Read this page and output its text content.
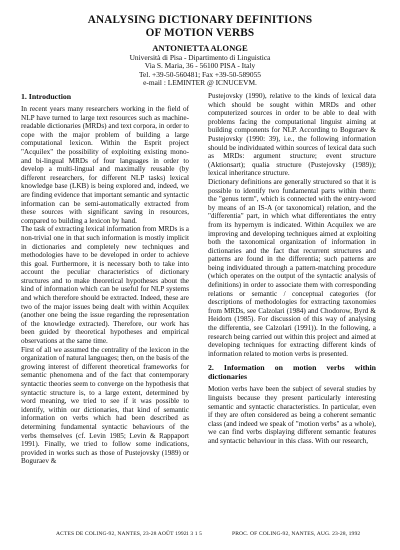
ANALYSING DICTIONARY DEFINITIONS
OF MOTION VERBS
ANTONIETTA ALONGE
Università di Pisa - Dipartimento di Linguistica
Via S. Maria, 36 - 56100 PISA - Italy
Tel. +39-50-560481; Fax +39-50-589055
e-mail : LEMINTER @ ICNUCEVM.
1. Introduction

In recent years many researchers working in the field of NLP have turned to large text resources such as machine-readable dictionaries (MRDs) and text corpora, in order to cope with the major problem of building a large computational lexicon. Within the Esprit project "Acquilex" the possibility of exploiting existing mono- and bi-lingual MRDs of four languages in order to develop a multi-lingual and maximally reusable (by different researchers, for different NLP tasks) lexical knowledge base (LKB) is being explored and, indeed, we are finding evidence that important semantic and syntactic information can be semi-automatically extracted from these sources with significant saving in resources, compared to building a lexicon by hand.

The task of extracting lexical information from MRDs is a non-trivial one in that such information is mostly implicit in dictionaries and completely new techniques and methodologies have to be developed in order to achieve this goal. Furthermore, it is necessary both to take into account the peculiar characteristics of dictionary structures and to make theoretical hypotheses about the kind of information which can be useful for NLP systems and which therefore should be extracted. Indeed, these are two of the major issues being dealt with within Acquilex (another one being the issue regarding the representation of the knowledge extracted). Therefore, our work has been guided by theoretical hypotheses and empirical observations at the same time.

First of all we assumed the centrality of the lexicon in the organization of natural languages; then, on the basis of the growing interest of different theoretical frameworks for semantic phenomena and of the fact that contemporary syntactic theories seem to converge on the hypothesis that syntactic structure is, to a large extent, determined by word meaning, we tried to see if it was possible to identify, within our dictionaries, that kind of semantic information on verbs which had been described as determining fundamental syntactic behaviours of the verbs themselves (cf. Levin 1985; Levin & Rappaport 1991). Finally, we tried to follow some indications, provided in works such as those of Pustejovsky (1989) or Boguraev &

Pustejovsky (1990), relative to the kinds of lexical data which should be sought within MRDs and other computerized sources in order to be able to deal with problems facing the computational linguist aiming at building components for NLP. According to Boguraev & Pustejovsky (1990: 39), i.e., the following information should be individuated within sources of lexical data such as MRDs: argument structure; event structure (Aktionsart); qualia structure (Pustejovsky (1989)); lexical inheritance structure.

Dictionary definitions are generally structured so that it is possible to identify two fundamental parts within them: the "genus term", which is connected with the entry-word by means of an IS-A (or taxonomical) relation, and the "differentia" part, in which what differentiates the entry from its hypernym is indicated. Within Acquilex we are improving and developing techniques aimed at exploiting both the taxonomical organization of information in dictionaries and the fact that recurrent structures and patterns are found in the differentia; such patterns are being individuated through a pattern-matching procedure (which operates on the output of the syntactic analysis of definitions) in order to associate them with corresponding relations or semantic / conceptual categories (for descriptions of methodologies for extracting taxonomies from MRDs, see Calzolari (1984) and Chodorow, Byrd & Heidorn (1985). For discussion of this way of analysing the differentia, see Calzolari (1991)). In the following, a research being carried out within this project and aimed at developing techniques for extracting different kinds of information related to motion verbs is presented.

2. Information on motion verbs within dictionaries

Motion verbs have been the subject of several studies by linguists because they present particularly interesting semantic and syntactic characteristics. In particular, even if they are often considered as being a coherent semantic class (and indeed we speak of "motion verbs" as a whole), we can find verbs displaying different semantic features and syntactic behaviour in this class. With our research,

ACTES DE COLING-92, NANTES, 23-28 AOÛT 1992 1 3 1 5	PROC. OF COLING-92, NANTES, AUG. 23-28, 1992
